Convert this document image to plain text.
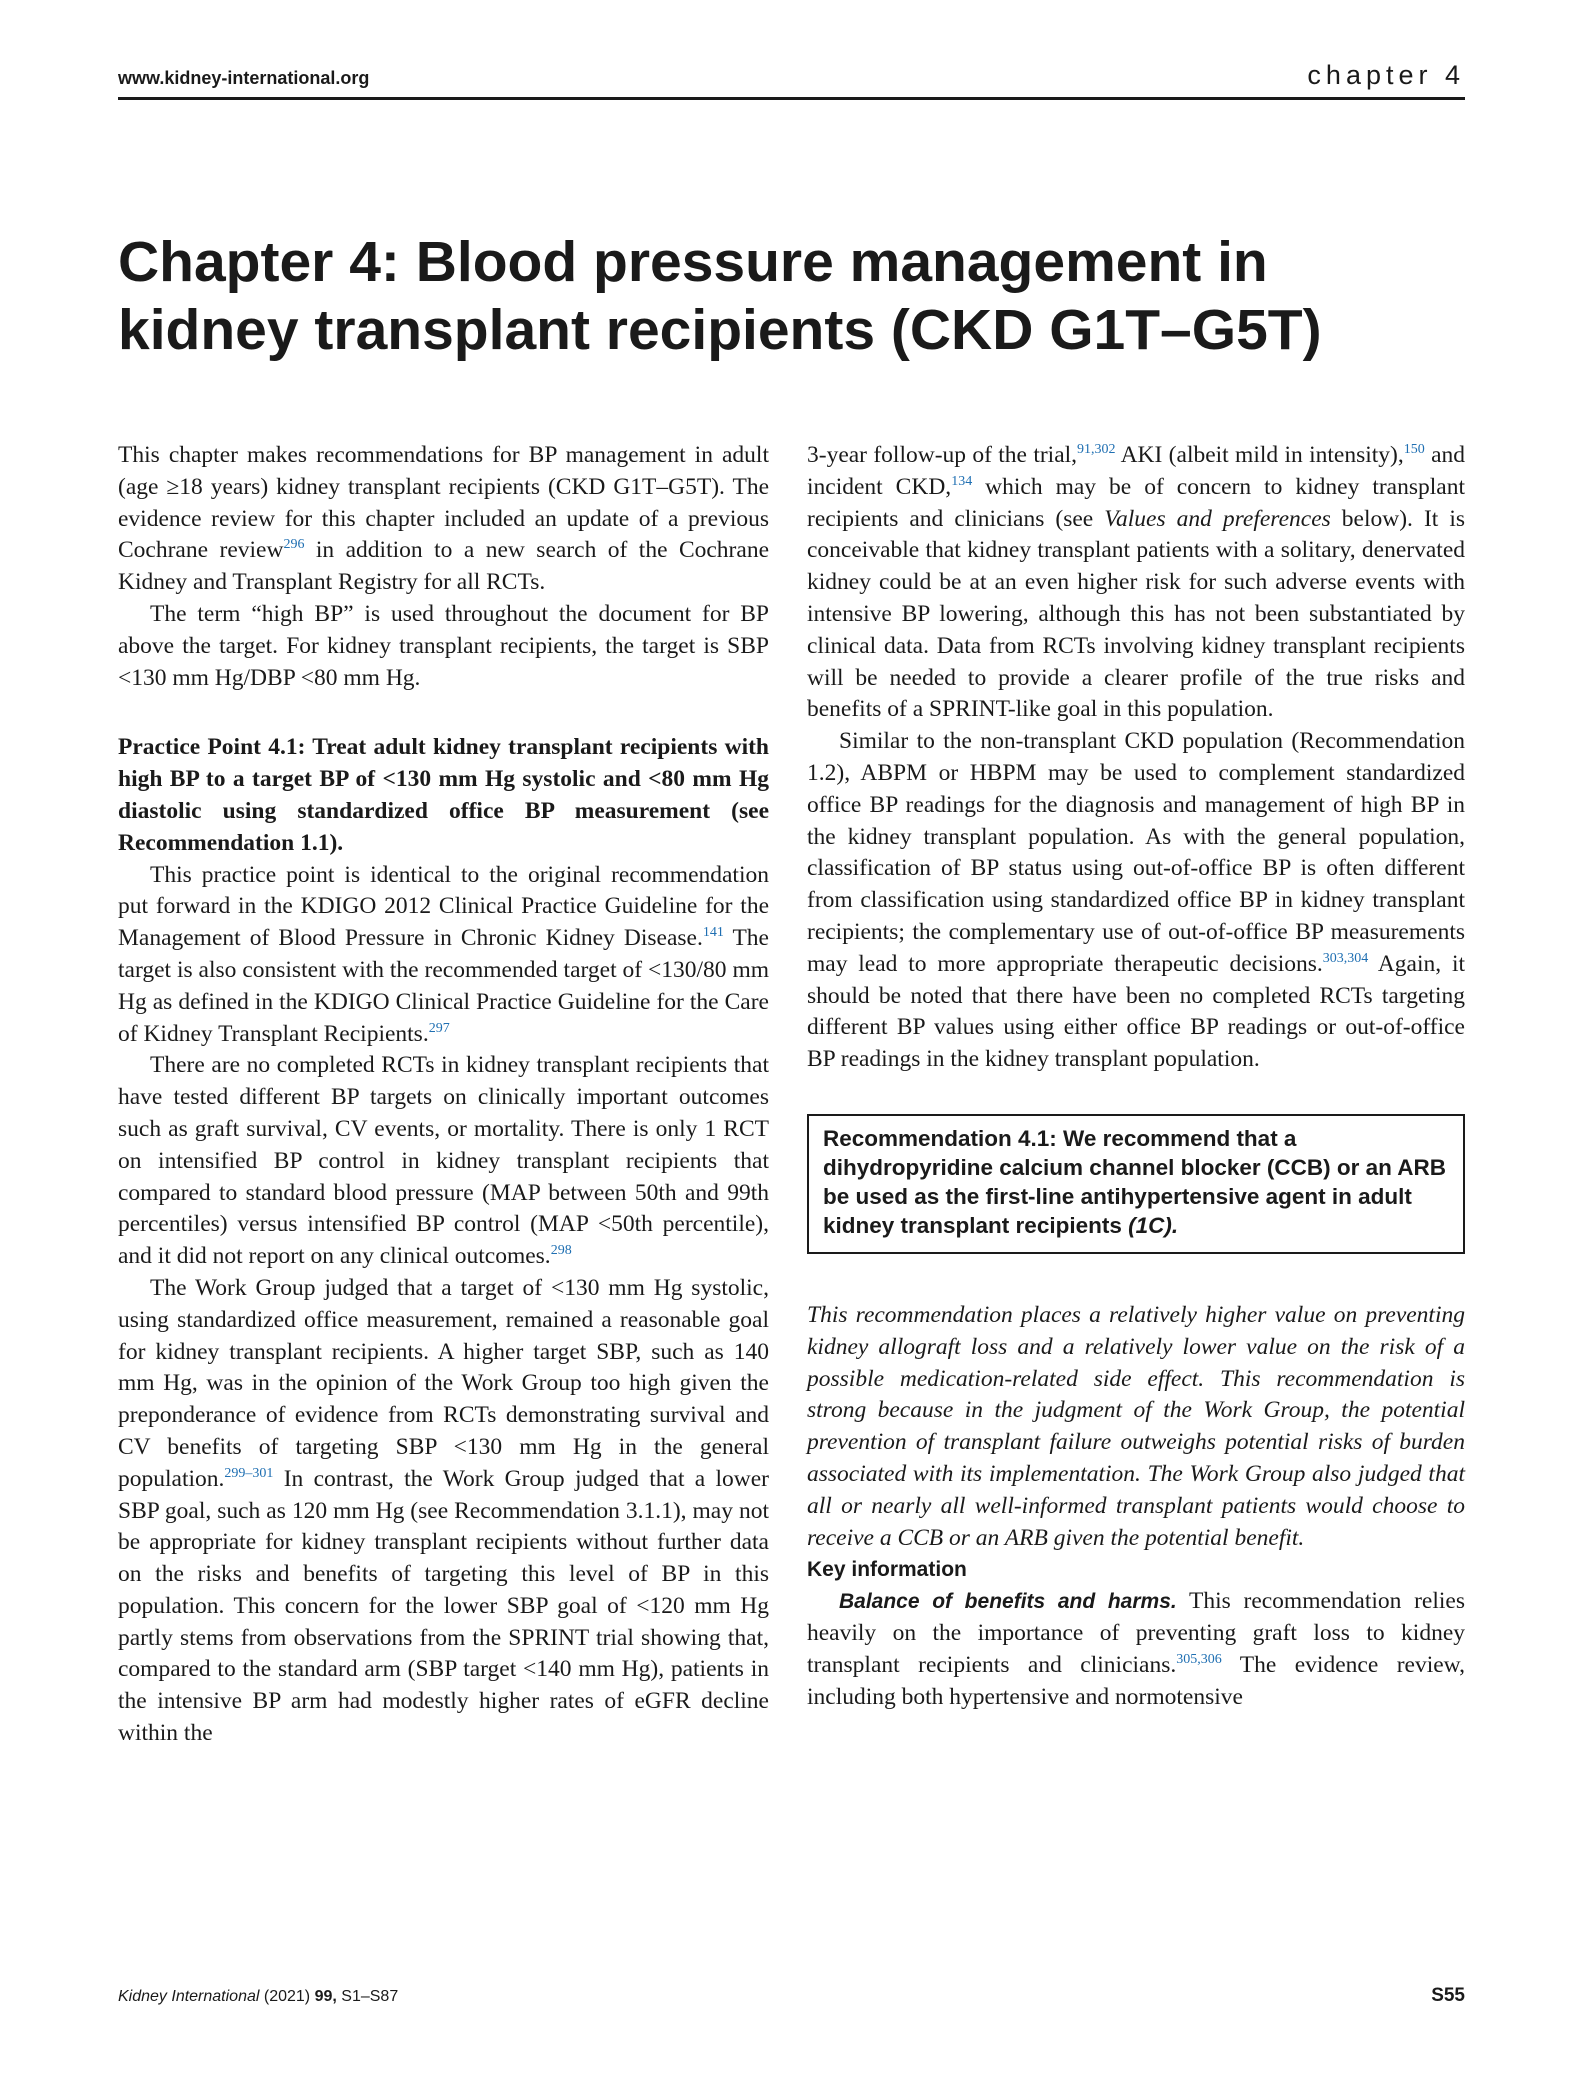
www.kidney-international.org	chapter 4
Chapter 4: Blood pressure management in kidney transplant recipients (CKD G1T–G5T)

This chapter makes recommendations for BP management in adult (age ≥18 years) kidney transplant recipients (CKD G1T–G5T). The evidence review for this chapter included an update of a previous Cochrane review$^{296}$ in addition to a new search of the Cochrane Kidney and Transplant Registry for all RCTs.

The term “high BP” is used throughout the document for BP above the target. For kidney transplant recipients, the target is SBP <130 mm Hg/DBP <80 mm Hg.

Practice Point 4.1: Treat adult kidney transplant recipients with high BP to a target BP of <130 mm Hg systolic and <80 mm Hg diastolic using standardized office BP measurement (see Recommendation 1.1).

This practice point is identical to the original recommendation put forward in the KDIGO 2012 Clinical Practice Guideline for the Management of Blood Pressure in Chronic Kidney Disease.$^{141}$ The target is also consistent with the recommended target of <130/80 mm Hg as defined in the KDIGO Clinical Practice Guideline for the Care of Kidney Transplant Recipients.$^{297}$

There are no completed RCTs in kidney transplant recipients that have tested different BP targets on clinically important outcomes such as graft survival, CV events, or mortality. There is only 1 RCT on intensified BP control in kidney transplant recipients that compared to standard blood pressure (MAP between 50th and 99th percentiles) versus intensified BP control (MAP <50th percentile), and it did not report on any clinical outcomes.$^{298}$

The Work Group judged that a target of <130 mm Hg systolic, using standardized office measurement, remained a reasonable goal for kidney transplant recipients. A higher target SBP, such as 140 mm Hg, was in the opinion of the Work Group too high given the preponderance of evidence from RCTs demonstrating survival and CV benefits of targeting SBP <130 mm Hg in the general population.$^{299-301}$ In contrast, the Work Group judged that a lower SBP goal, such as 120 mm Hg (see Recommendation 3.1.1), may not be appropriate for kidney transplant recipients without further data on the risks and benefits of targeting this level of BP in this population. This concern for the lower SBP goal of <120 mm Hg partly stems from observations from the SPRINT trial showing that, compared to the standard arm (SBP target <140 mm Hg), patients in the intensive BP arm had modestly higher rates of eGFR decline within the

3-year follow-up of the trial,$^{91,302}$ AKI (albeit mild in intensity),$^{150}$ and incident CKD,$^{134}$ which may be of concern to kidney transplant recipients and clinicians (see Values and preferences below). It is conceivable that kidney transplant patients with a solitary, denervated kidney could be at an even higher risk for such adverse events with intensive BP lowering, although this has not been substantiated by clinical data. Data from RCTs involving kidney transplant recipients will be needed to provide a clearer profile of the true risks and benefits of a SPRINT-like goal in this population.

Similar to the non-transplant CKD population (Recommendation 1.2), ABPM or HBPM may be used to complement standardized office BP readings for the diagnosis and management of high BP in the kidney transplant population. As with the general population, classification of BP status using out-of-office BP is often different from classification using standardized office BP in kidney transplant recipients; the complementary use of out-of-office BP measurements may lead to more appropriate therapeutic decisions.$^{303,304}$ Again, it should be noted that there have been no completed RCTs targeting different BP values using either office BP readings or out-of-office BP readings in the kidney transplant population.

Recommendation 4.1: We recommend that a dihydropyridine calcium channel blocker (CCB) or an ARB be used as the first-line antihypertensive agent in adult kidney transplant recipients (1C).

This recommendation places a relatively higher value on preventing kidney allograft loss and a relatively lower value on the risk of a possible medication-related side effect. This recommendation is strong because in the judgment of the Work Group, the potential prevention of transplant failure outweighs potential risks of burden associated with its implementation. The Work Group also judged that all or nearly all well-informed transplant patients would choose to receive a CCB or an ARB given the potential benefit.

Key information

Balance of benefits and harms. This recommendation relies heavily on the importance of preventing graft loss to kidney transplant recipients and clinicians.$^{305,306}$ The evidence review, including both hypertensive and normotensive

Kidney International (2021) 99, S1–S87	S55
